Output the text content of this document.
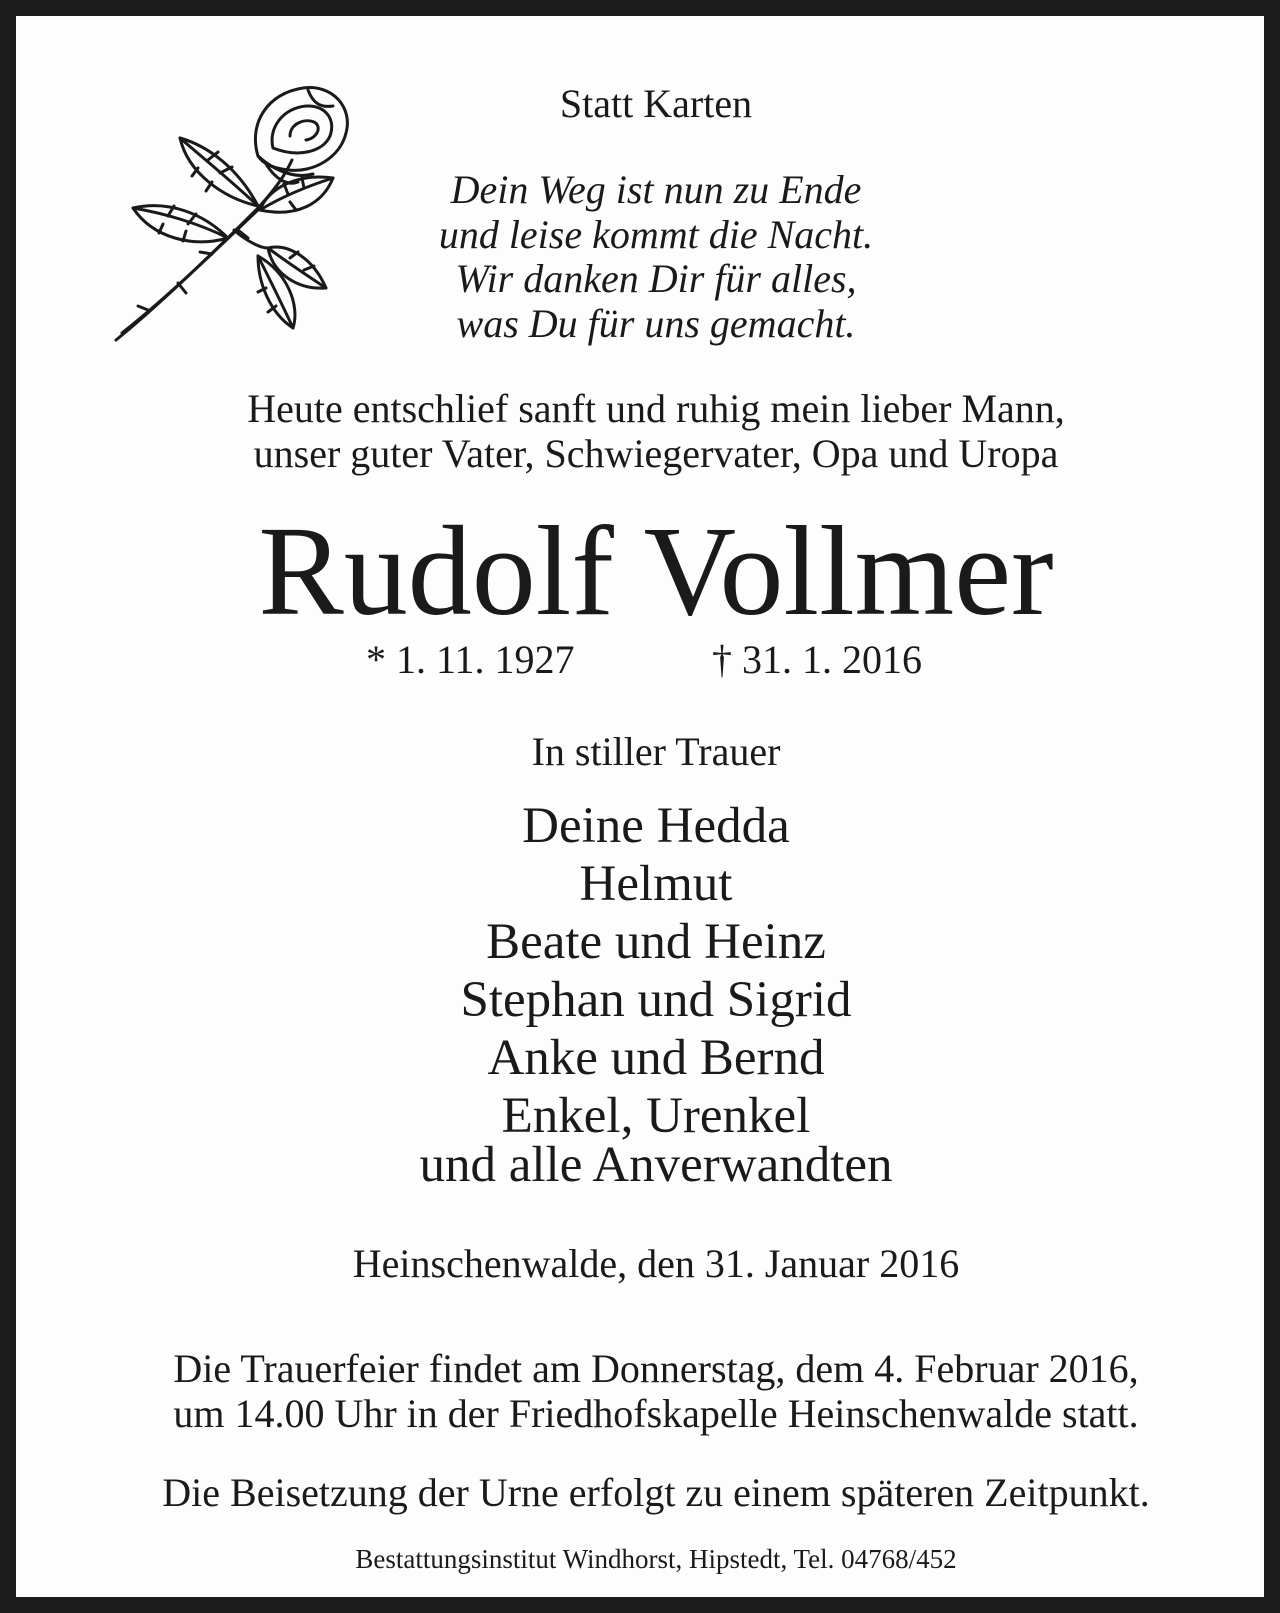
Statt Karten
Dein Weg ist nun zu Ende
und leise kommt die Nacht.
Wir danken Dir für alles,
was Du für uns gemacht.
Heute entschlief sanft und ruhig mein lieber Mann,
unser guter Vater, Schwiegervater, Opa und Uropa
Rudolf Vollmer
* 1. 11. 1927	† 31. 1. 2016
In stiller Trauer
Deine Hedda
Helmut
Beate und Heinz
Stephan und Sigrid
Anke und Bernd
Enkel, Urenkel
und alle Anverwandten
Heinschenwalde, den 31. Januar 2016
Die Trauerfeier findet am Donnerstag, dem 4. Februar 2016,
um 14.00 Uhr in der Friedhofskapelle Heinschenwalde statt.
Die Beisetzung der Urne erfolgt zu einem späteren Zeitpunkt.
Bestattungsinstitut Windhorst, Hipstedt, Tel. 04768/452
